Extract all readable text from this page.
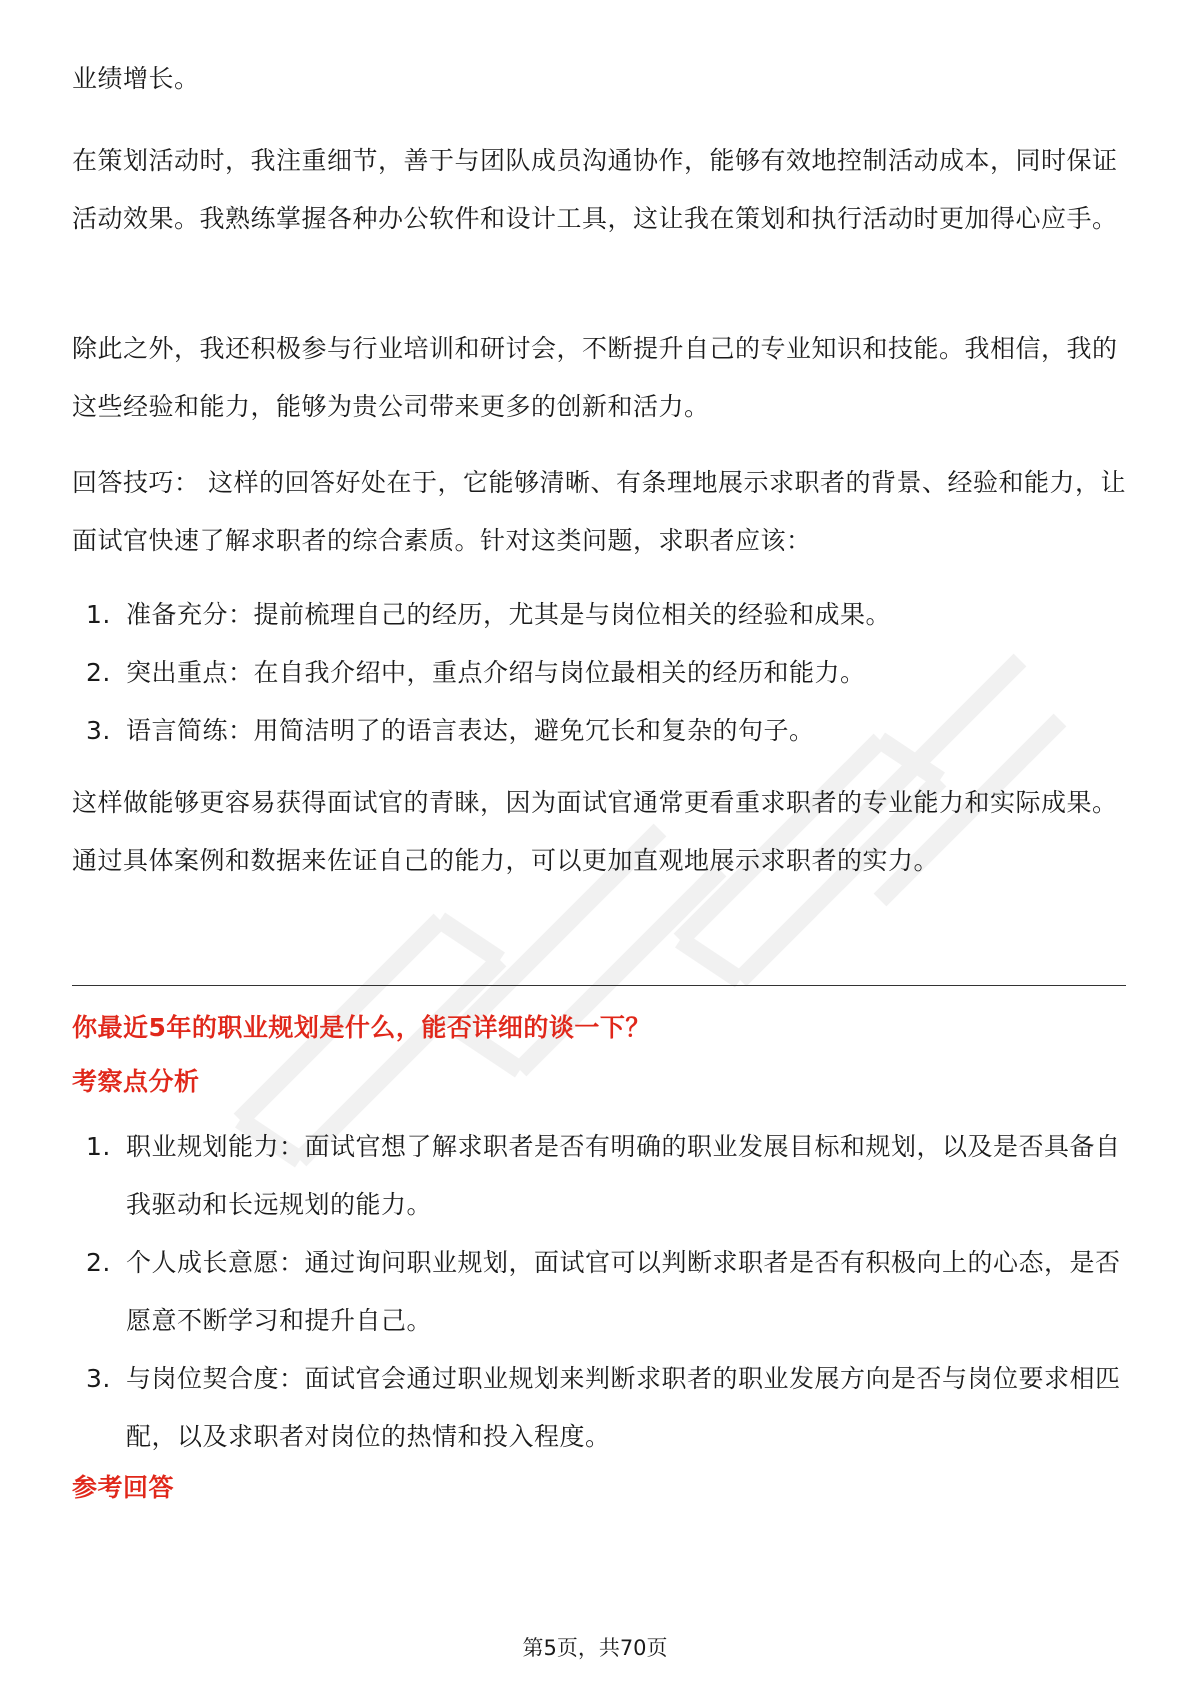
业绩增长。

在策划活动时，我注重细节，善于与团队成员沟通协作，能够有效地控制活动成本，同时保证活动效果。我熟练掌握各种办公软件和设计工具，这让我在策划和执行活动时更加得心应手。

除此之外，我还积极参与行业培训和研讨会，不断提升自己的专业知识和技能。我相信，我的这些经验和能力，能够为贵公司带来更多的创新和活力。

回答技巧： 这样的回答好处在于，它能够清晰、有条理地展示求职者的背景、经验和能力，让面试官快速了解求职者的综合素质。针对这类问题，求职者应该：

1. 准备充分：提前梳理自己的经历，尤其是与岗位相关的经验和成果。
2. 突出重点：在自我介绍中，重点介绍与岗位最相关的经历和能力。
3. 语言简练：用简洁明了的语言表达，避免冗长和复杂的句子。

这样做能够更容易获得面试官的青睐，因为面试官通常更看重求职者的专业能力和实际成果。通过具体案例和数据来佐证自己的能力，可以更加直观地展示求职者的实力。

你最近5年的职业规划是什么，能否详细的谈一下？
考察点分析
1. 职业规划能力：面试官想了解求职者是否有明确的职业发展目标和规划，以及是否具备自我驱动和长远规划的能力。
2. 个人成长意愿：通过询问职业规划，面试官可以判断求职者是否有积极向上的心态，是否愿意不断学习和提升自己。
3. 与岗位契合度：面试官会通过职业规划来判断求职者的职业发展方向是否与岗位要求相匹配，以及求职者对岗位的热情和投入程度。
参考回答
第5页，共70页
